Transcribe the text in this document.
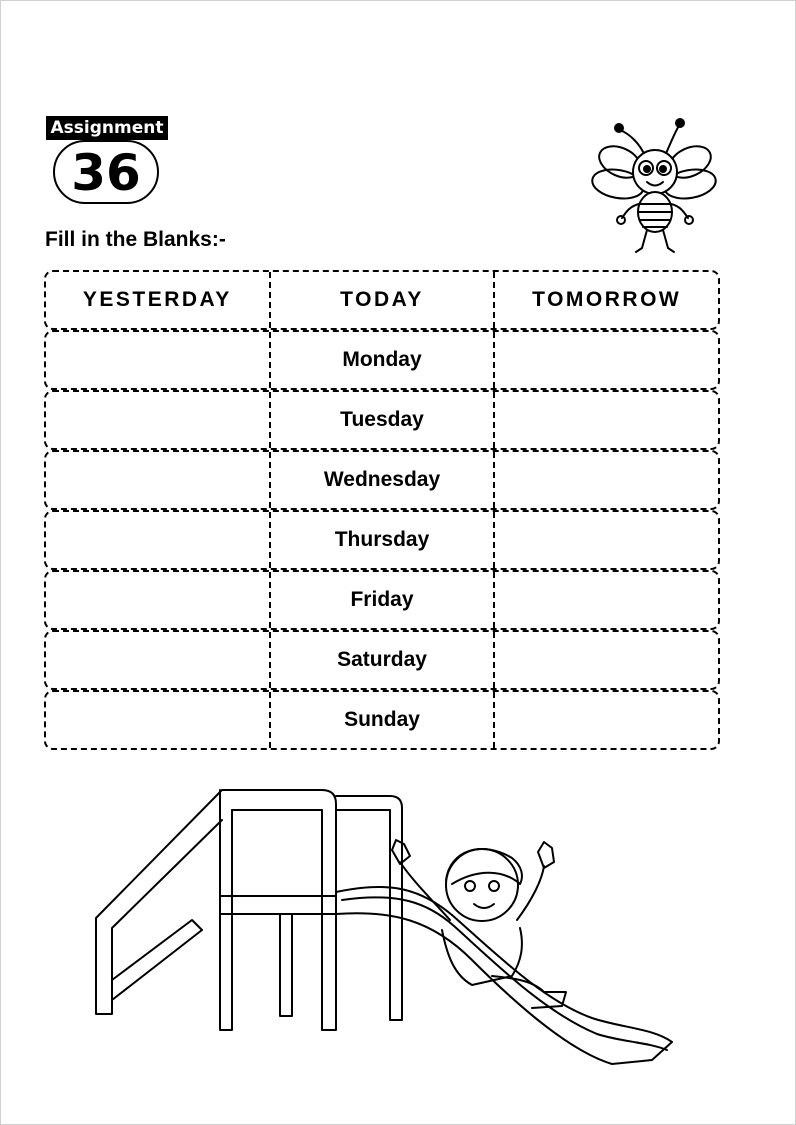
Assignment
36
Fill in the Blanks:-
YESTERDAY	TODAY	TOMORROW
Monday
Tuesday
Wednesday
Thursday
Friday
Saturday
Sunday
